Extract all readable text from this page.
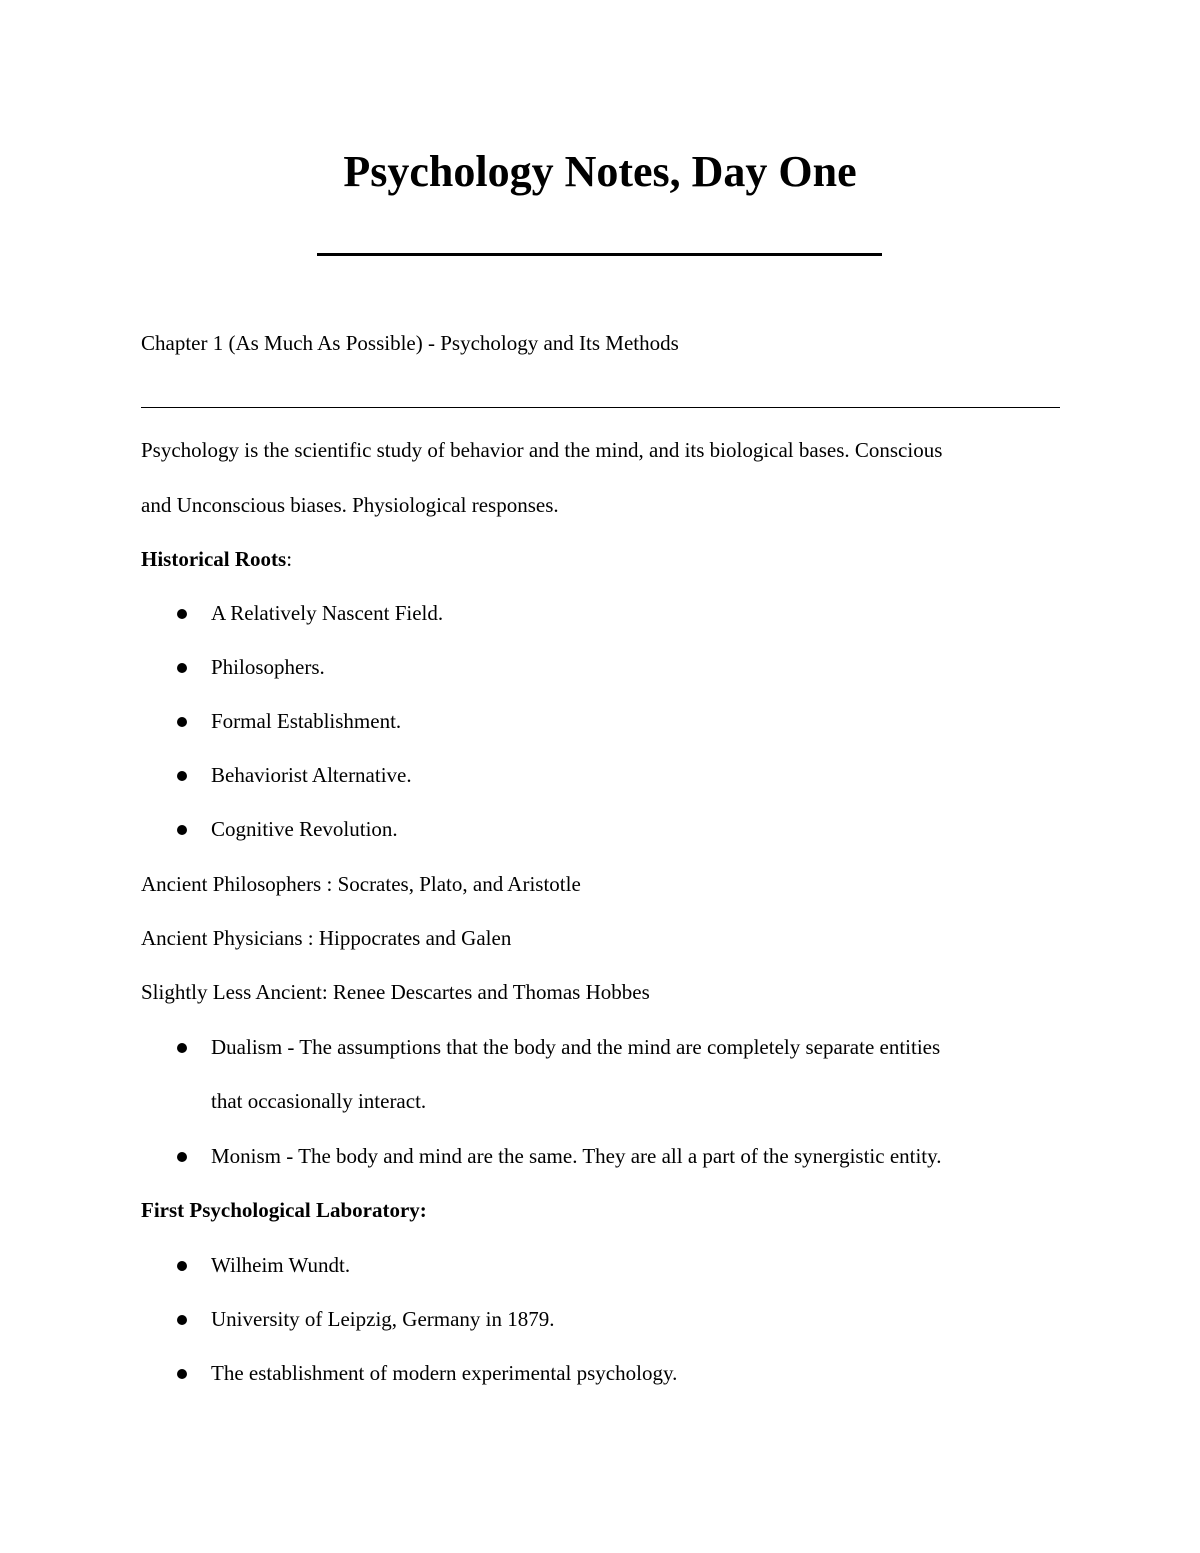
Psychology Notes, Day One

Chapter 1 (As Much As Possible) - Psychology and Its Methods

Psychology is the scientific study of behavior and the mind, and its biological bases. Conscious

and Unconscious biases. Physiological responses.

Historical Roots:

A Relatively Nascent Field.

Philosophers.

Formal Establishment.

Behaviorist Alternative.

Cognitive Revolution.

Ancient Philosophers : Socrates, Plato, and Aristotle

Ancient Physicians : Hippocrates and Galen

Slightly Less Ancient: Renee Descartes and Thomas Hobbes

Dualism - The assumptions that the body and the mind are completely separate entities

that occasionally interact.

Monism - The body and mind are the same. They are all a part of the synergistic entity.

First Psychological Laboratory:

Wilheim Wundt.

University of Leipzig, Germany in 1879.

The establishment of modern experimental psychology.
